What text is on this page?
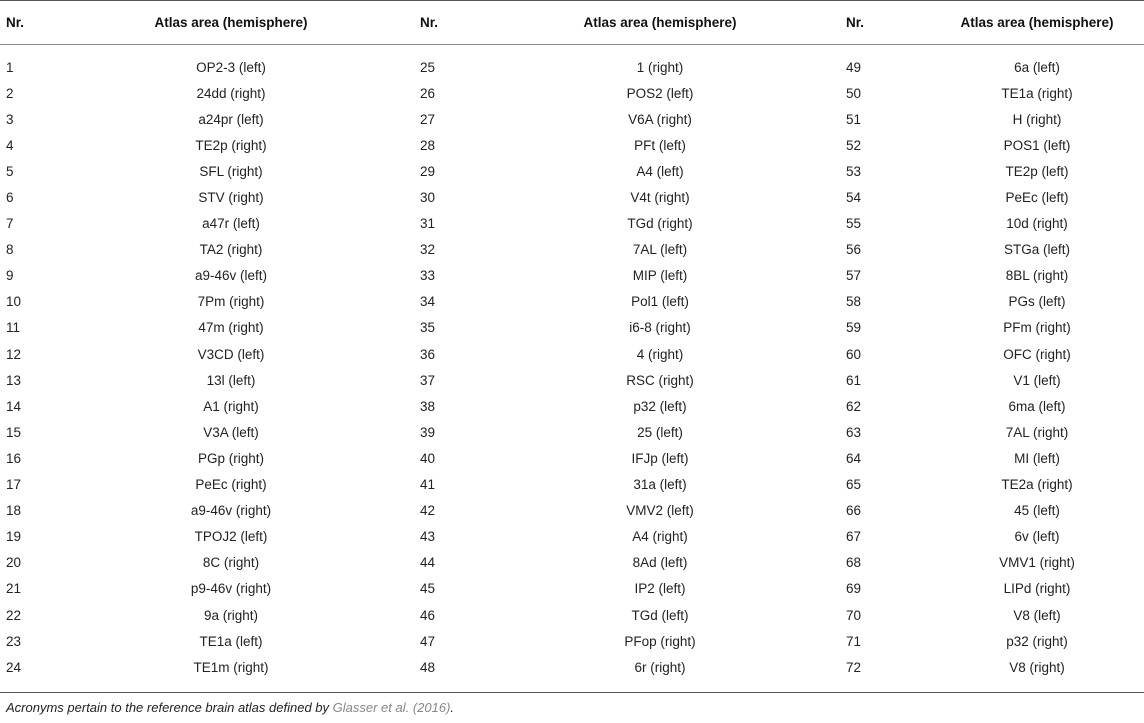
Nr.	Atlas area (hemisphere)	Nr.	Atlas area (hemisphere)	Nr.	Atlas area (hemisphere)
1	OP2-3 (left)	25	1 (right)	49	6a (left)
2	24dd (right)	26	POS2 (left)	50	TE1a (right)
3	a24pr (left)	27	V6A (right)	51	H (right)
4	TE2p (right)	28	PFt (left)	52	POS1 (left)
5	SFL (right)	29	A4 (left)	53	TE2p (left)
6	STV (right)	30	V4t (right)	54	PeEc (left)
7	a47r (left)	31	TGd (right)	55	10d (right)
8	TA2 (right)	32	7AL (left)	56	STGa (left)
9	a9-46v (left)	33	MIP (left)	57	8BL (right)
10	7Pm (right)	34	Pol1 (left)	58	PGs (left)
11	47m (right)	35	i6-8 (right)	59	PFm (right)
12	V3CD (left)	36	4 (right)	60	OFC (right)
13	13l (left)	37	RSC (right)	61	V1 (left)
14	A1 (right)	38	p32 (left)	62	6ma (left)
15	V3A (left)	39	25 (left)	63	7AL (right)
16	PGp (right)	40	IFJp (left)	64	MI (left)
17	PeEc (right)	41	31a (left)	65	TE2a (right)
18	a9-46v (right)	42	VMV2 (left)	66	45 (left)
19	TPOJ2 (left)	43	A4 (right)	67	6v (left)
20	8C (right)	44	8Ad (left)	68	VMV1 (right)
21	p9-46v (right)	45	IP2 (left)	69	LIPd (right)
22	9a (right)	46	TGd (left)	70	V8 (left)
23	TE1a (left)	47	PFop (right)	71	p32 (right)
24	TE1m (right)	48	6r (right)	72	V8 (right)
Acronyms pertain to the reference brain atlas defined by Glasser et al. (2016).
